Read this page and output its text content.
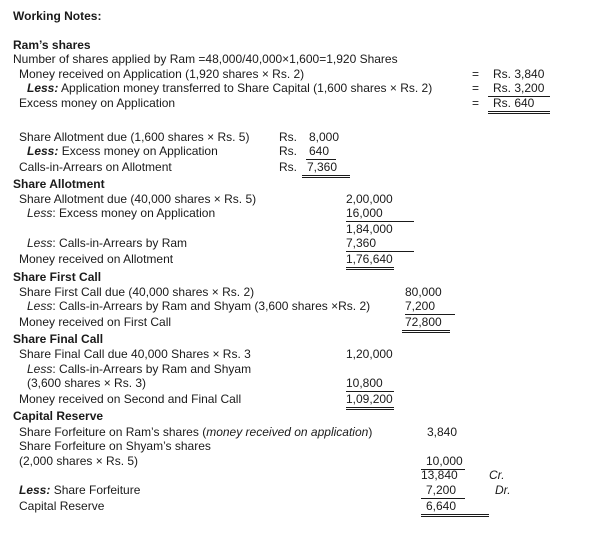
Working Notes:
Ram’s shares
Number of shares applied by Ram =48,000/40,000×1,600=1,920 Shares
Money received on Application (1,920 shares × Rs. 2)	= Rs. 3,840
Less: Application money transferred to Share Capital (1,600 shares × Rs. 2)	=	Rs. 3,200
Excess money on Application	=	Rs. 640
Share Allotment due (1,600 shares × Rs. 5) Rs. 8,000
Less: Excess money on Application	Rs. 640
Calls-in-Arrears on Allotment	Rs. 7,360
Share Allotment
Share Allotment due (40,000 shares × Rs. 5)	2,00,000
Less: Excess money on Application	16,000
1,84,000
Less: Calls-in-Arrears by Ram	7,360
Money received on Allotment	1,76,640
Share First Call
Share First Call due (40,000 shares × Rs. 2)	80,000
Less: Calls-in-Arrears by Ram and Shyam (3,600 shares ×Rs. 2)	7,200
Money received on First Call	72,800
Share Final Call
Share Final Call due 40,000 Shares × Rs. 3	1,20,000
Less: Calls-in-Arrears by Ram and Shyam
(3,600 shares × Rs. 3)	10,800
Money received on Second and Final Call	1,09,200
Capital Reserve
Share Forfeiture on Ram’s shares (money received on application)	3,840
Share Forfeiture on Shyam’s shares
(2,000 shares × Rs. 5)	10,000
13,840	Cr.
Less: Share Forfeiture	7,200	Dr.
Capital Reserve	6,640
